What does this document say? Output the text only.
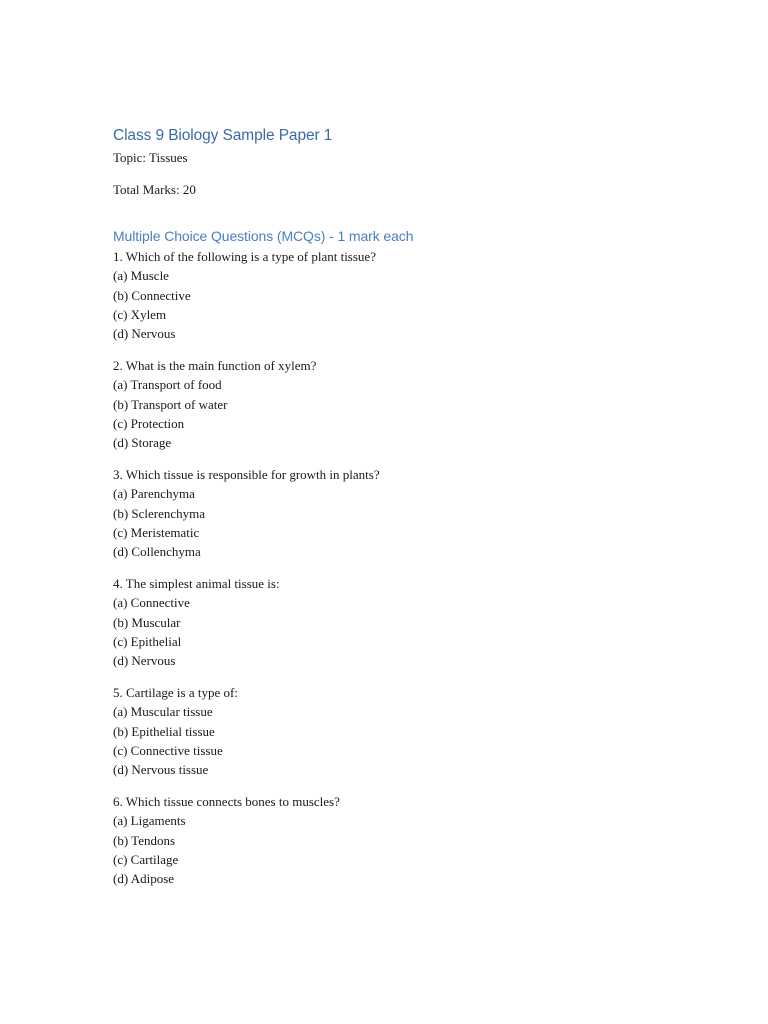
Class 9 Biology Sample Paper 1
Topic: Tissues
Total Marks: 20
Multiple Choice Questions (MCQs) - 1 mark each
1. Which of the following is a type of plant tissue?
(a) Muscle
(b) Connective
(c) Xylem
(d) Nervous
2. What is the main function of xylem?
(a) Transport of food
(b) Transport of water
(c) Protection
(d) Storage
3. Which tissue is responsible for growth in plants?
(a) Parenchyma
(b) Sclerenchyma
(c) Meristematic
(d) Collenchyma
4. The simplest animal tissue is:
(a) Connective
(b) Muscular
(c) Epithelial
(d) Nervous
5. Cartilage is a type of:
(a) Muscular tissue
(b) Epithelial tissue
(c) Connective tissue
(d) Nervous tissue
6. Which tissue connects bones to muscles?
(a) Ligaments
(b) Tendons
(c) Cartilage
(d) Adipose
